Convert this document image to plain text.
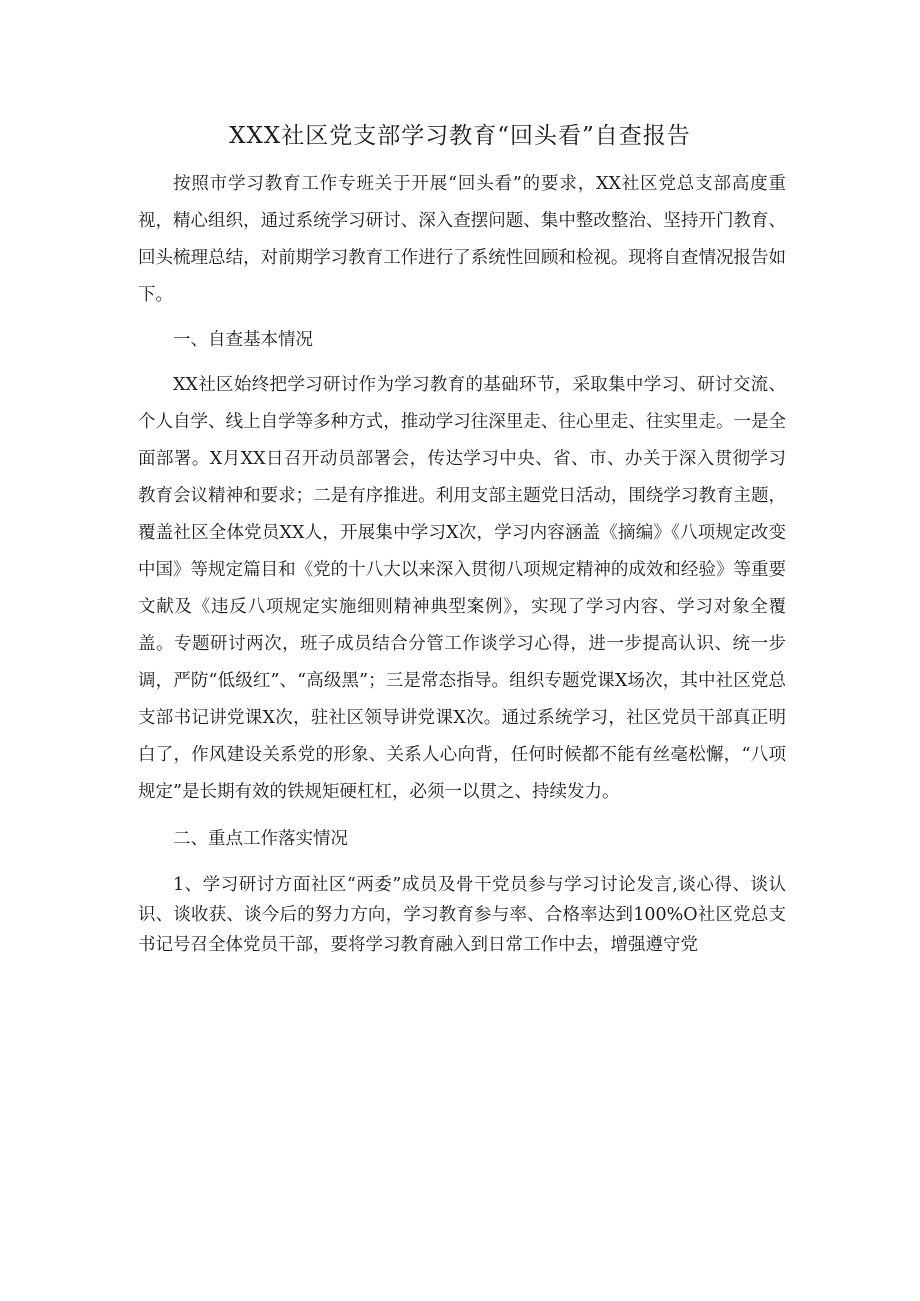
XXX社区党支部学习教育“回头看”自查报告

按照市学习教育工作专班关于开展“回头看”的要求，XX社区党总支部高度重视，精心组织，通过系统学习研讨、深入查摆问题、集中整改整治、坚持开门教育、回头梳理总结，对前期学习教育工作进行了系统性回顾和检视。现将自查情况报告如下。

一、自查基本情况

XX社区始终把学习研讨作为学习教育的基础环节，采取集中学习、研讨交流、个人自学、线上自学等多种方式，推动学习往深里走、往心里走、往实里走。一是全面部署。X月XX日召开动员部署会，传达学习中央、省、市、办关于深入贯彻学习教育会议精神和要求；二是有序推进。利用支部主题党日活动，围绕学习教育主题，覆盖社区全体党员XX人，开展集中学习X次，学习内容涵盖《摘编》《八项规定改变中国》等规定篇目和《党的十八大以来深入贯彻八项规定精神的成效和经验》等重要文献及《违反八项规定实施细则精神典型案例》，实现了学习内容、学习对象全覆盖。专题研讨两次，班子成员结合分管工作谈学习心得，进一步提高认识、统一步调，严防“低级红”、“高级黑”；三是常态指导。组织专题党课X场次，其中社区党总支部书记讲党课X次，驻社区领导讲党课X次。通过系统学习，社区党员干部真正明白了，作风建设关系党的形象、关系人心向背，任何时候都不能有丝毫松懈，“八项规定”是长期有效的铁规矩硬杠杠，必须一以贯之、持续发力。

二、重点工作落实情况

1、学习研讨方面社区“两委”成员及骨干党员参与学习讨论发言,谈心得、谈认识、谈收获、谈今后的努力方向，学习教育参与率、合格率达到100%O社区党总支书记号召全体党员干部，要将学习教育融入到日常工作中去，增强遵守党
